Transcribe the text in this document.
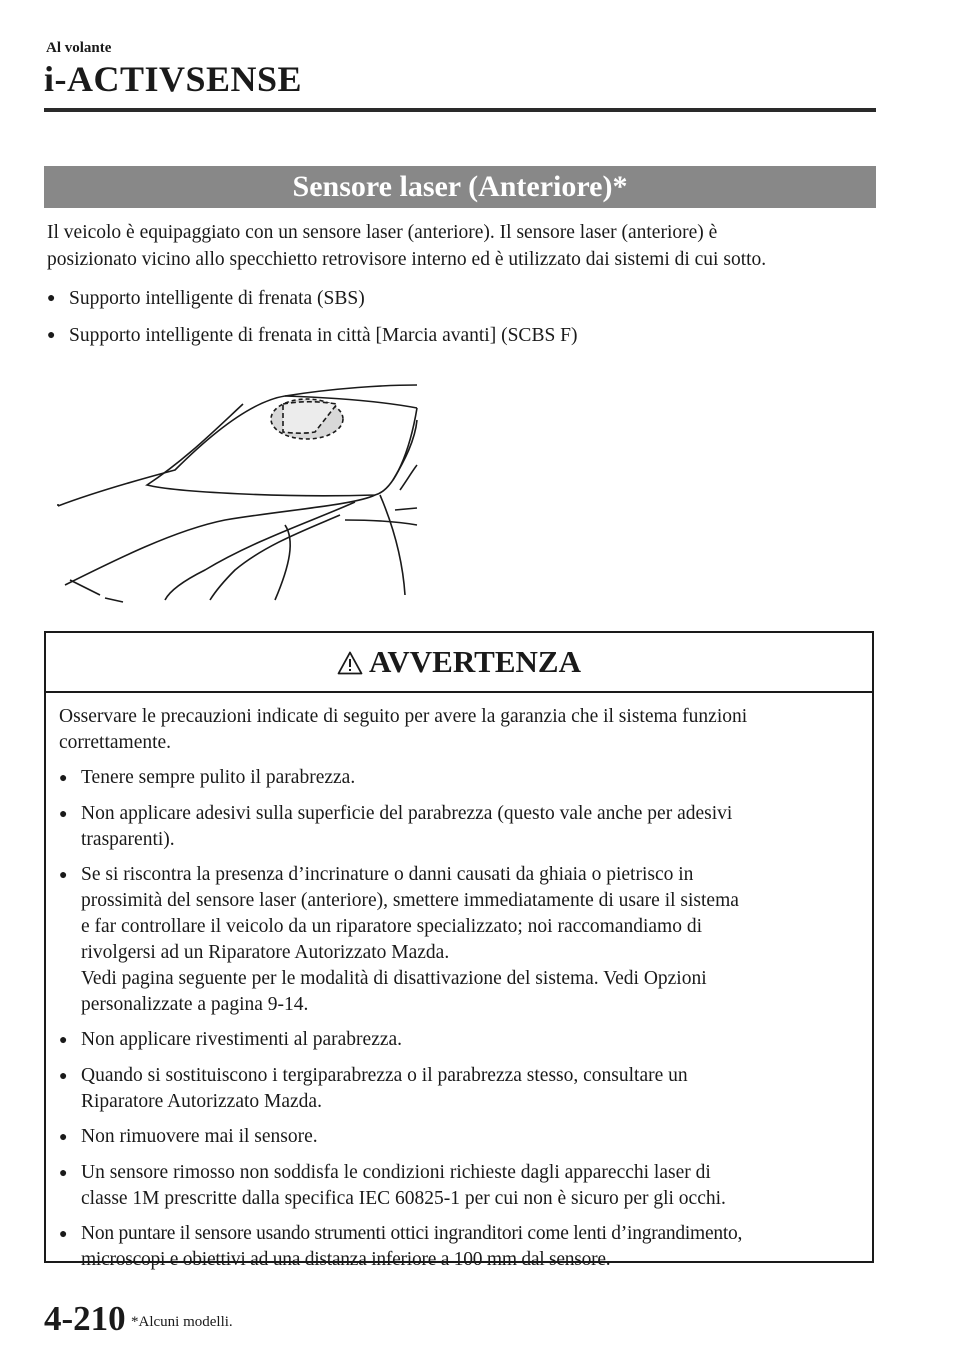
Al volante
i-ACTIVSENSE
Sensore laser (Anteriore)*
Il veicolo è equipaggiato con un sensore laser (anteriore). Il sensore laser (anteriore) è
posizionato vicino allo specchietto retrovisore interno ed è utilizzato dai sistemi di cui sotto.
● Supporto intelligente di frenata (SBS)
● Supporto intelligente di frenata in città [Marcia avanti] (SCBS F)
AVVERTENZA

Osservare le precauzioni indicate di seguito per avere la garanzia che il sistema funzioni correttamente.

● Tenere sempre pulito il parabrezza.
● Non applicare adesivi sulla superficie del parabrezza (questo vale anche per adesivi
trasparenti).
● Se si riscontra la presenza d’incrinature o danni causati da ghiaia o pietrisco in
prossimità del sensore laser (anteriore), smettere immediatamente di usare il sistema
e far controllare il veicolo da un riparatore specializzato; noi raccomandiamo di
rivolgersi ad un Riparatore Autorizzato Mazda.
Vedi pagina seguente per le modalità di disattivazione del sistema. Vedi Opzioni
personalizzate a pagina 9-14.
● Non applicare rivestimenti al parabrezza.
● Quando si sostituiscono i tergiparabrezza o il parabrezza stesso, consultare un
Riparatore Autorizzato Mazda.
● Non rimuovere mai il sensore.
● Un sensore rimosso non soddisfa le condizioni richieste dagli apparecchi laser di
classe 1M prescritte dalla specifica IEC 60825-1 per cui non è sicuro per gli occhi.
● Non puntare il sensore usando strumenti ottici ingranditori come lenti d’ingrandimento,
microscopi e obiettivi ad una distanza inferiore a 100 mm dal sensore.
4-210 *Alcuni modelli.
